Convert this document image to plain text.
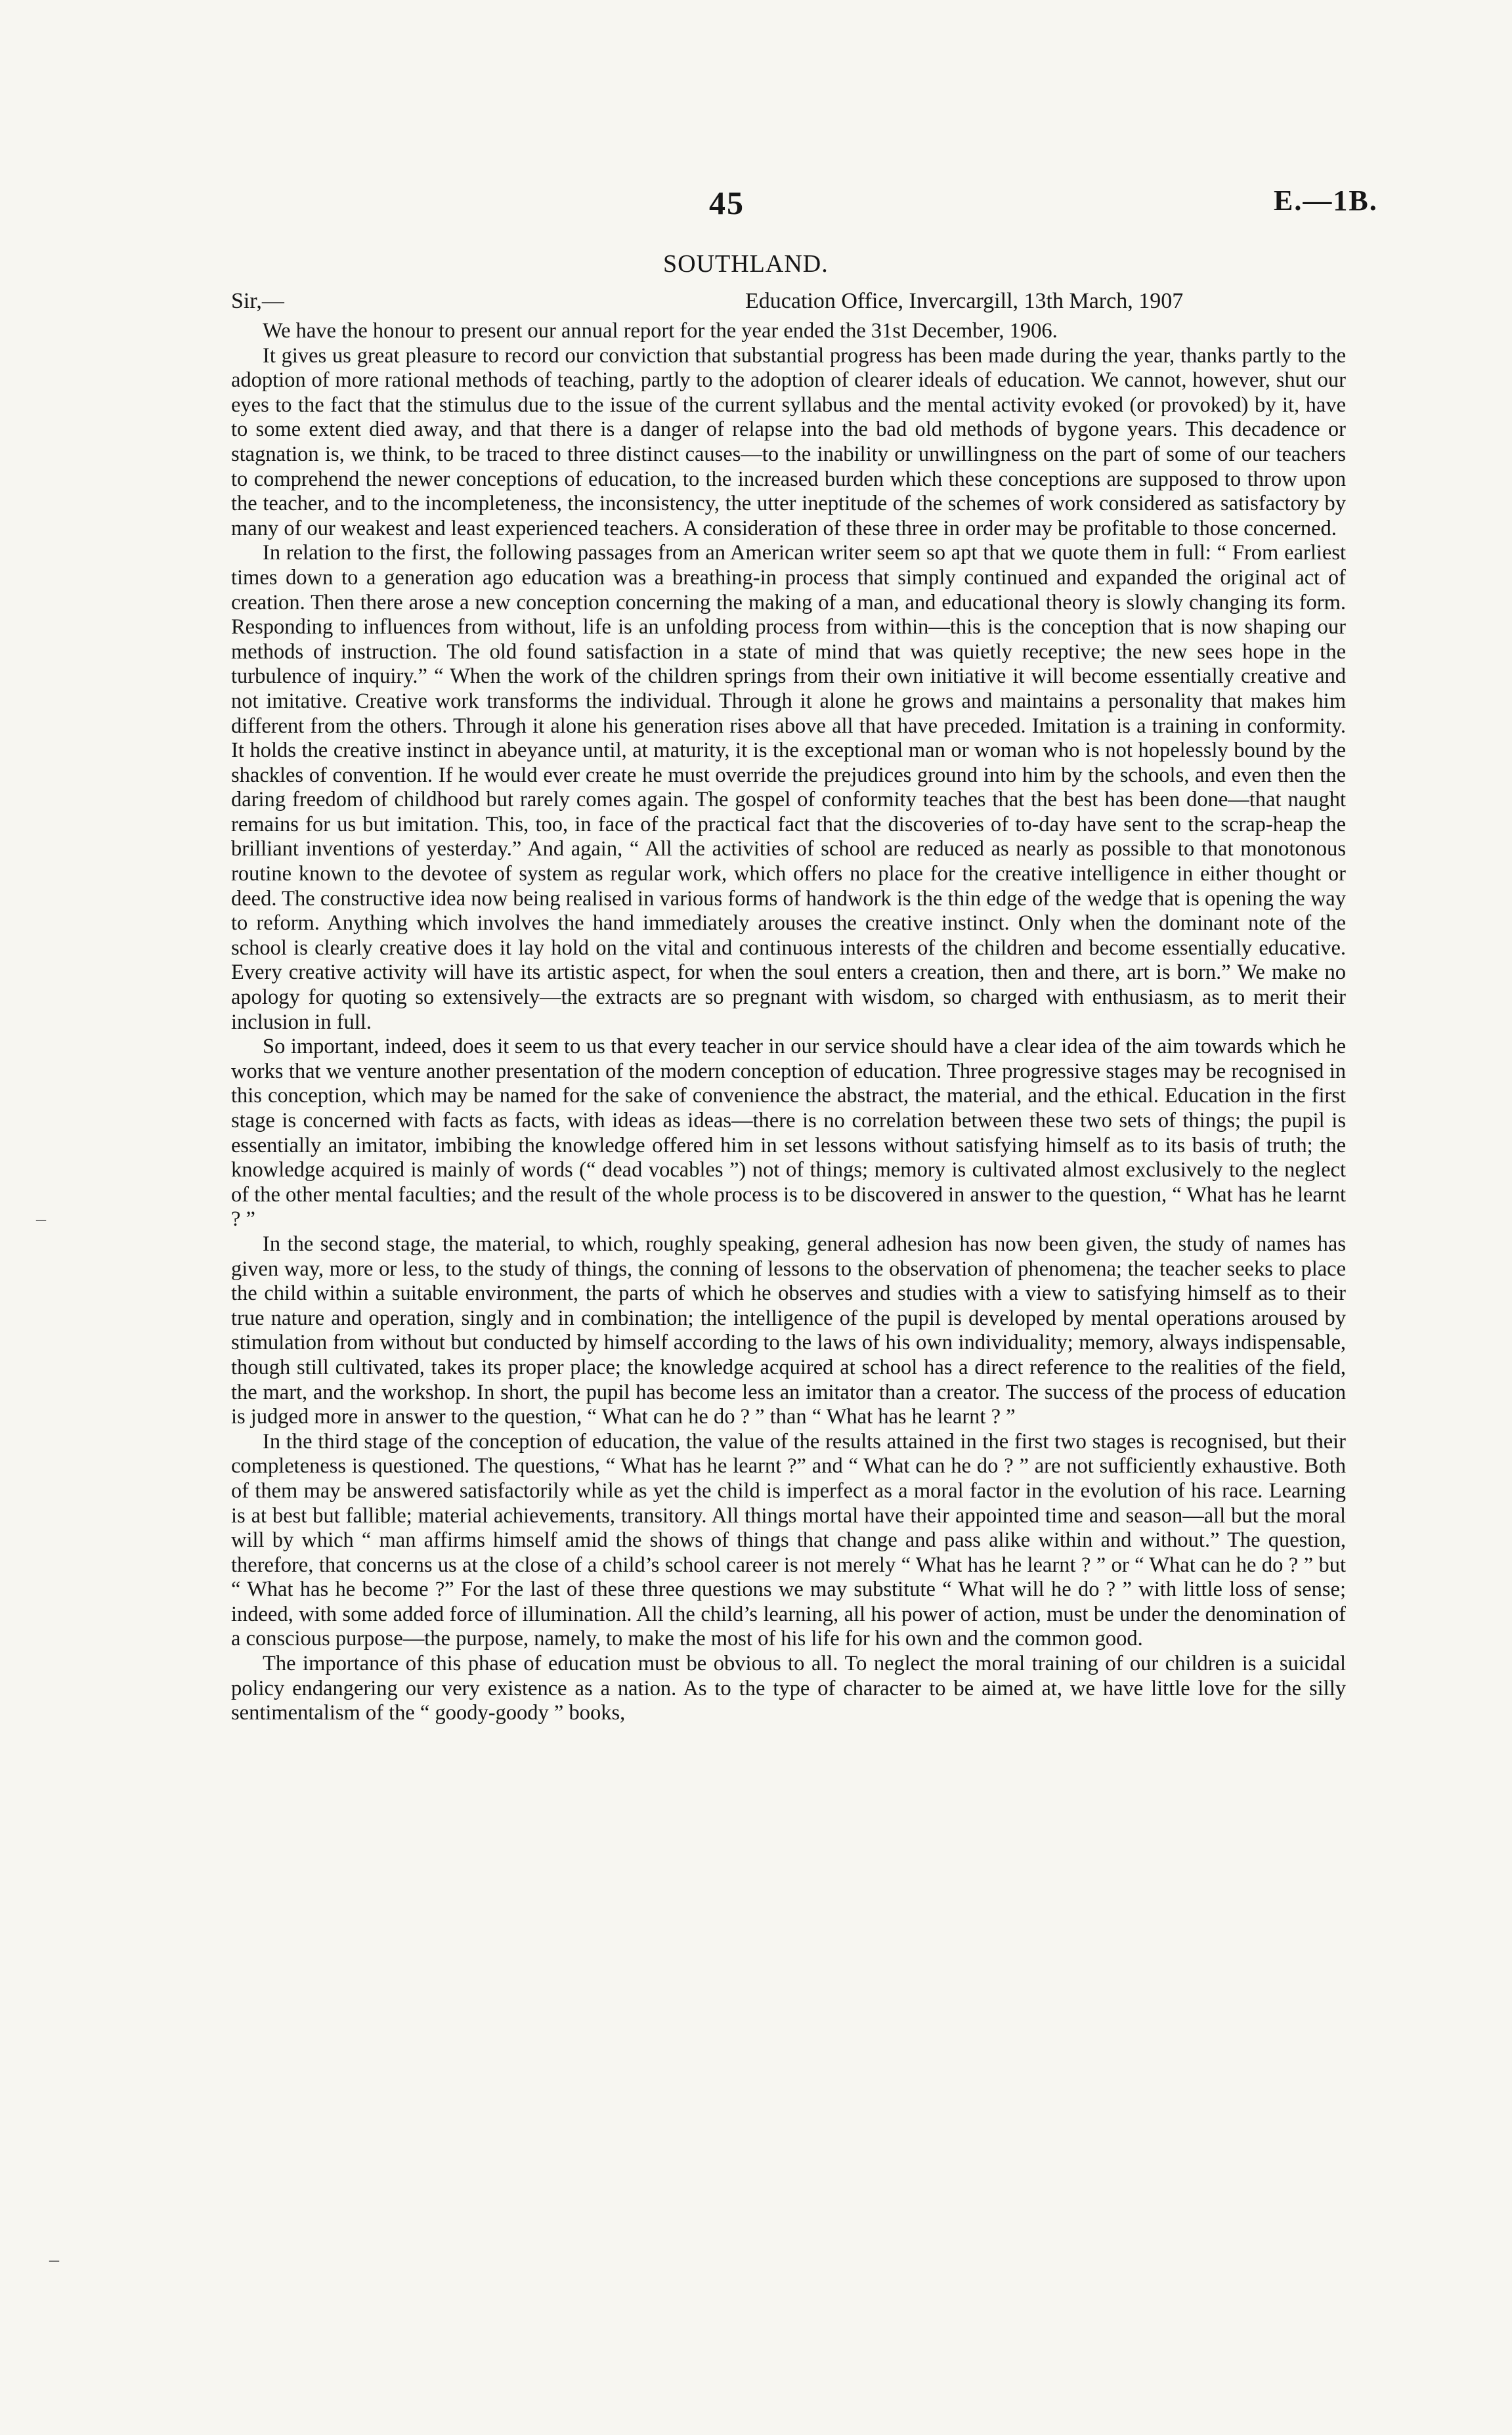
45	E.—1B.
SOUTHLAND.
Sir,—	Education Office, Invercargill, 13th March, 1907

We have the honour to present our annual report for the year ended the 31st December, 1906.

It gives us great pleasure to record our conviction that substantial progress has been made during the year, thanks partly to the adoption of more rational methods of teaching, partly to the adoption of clearer ideals of education. We cannot, however, shut our eyes to the fact that the stimulus due to the issue of the current syllabus and the mental activity evoked (or provoked) by it, have to some extent died away, and that there is a danger of relapse into the bad old methods of bygone years. This decadence or stagnation is, we think, to be traced to three distinct causes—to the inability or unwillingness on the part of some of our teachers to comprehend the newer conceptions of education, to the increased burden which these conceptions are supposed to throw upon the teacher, and to the incompleteness, the inconsistency, the utter ineptitude of the schemes of work considered as satisfactory by many of our weakest and least experienced teachers. A consideration of these three in order may be profitable to those concerned.

In relation to the first, the following passages from an American writer seem so apt that we quote them in full: “ From earliest times down to a generation ago education was a breathing-in process that simply continued and expanded the original act of creation. Then there arose a new conception concerning the making of a man, and educational theory is slowly changing its form. Responding to influences from without, life is an unfolding process from within—this is the conception that is now shaping our methods of instruction. The old found satisfaction in a state of mind that was quietly receptive; the new sees hope in the turbulence of inquiry.” “ When the work of the children springs from their own initiative it will become essentially creative and not imitative. Creative work transforms the individual. Through it alone he grows and maintains a personality that makes him different from the others. Through it alone his generation rises above all that have preceded. Imitation is a training in conformity. It holds the creative instinct in abeyance until, at maturity, it is the exceptional man or woman who is not hopelessly bound by the shackles of convention. If he would ever create he must override the prejudices ground into him by the schools, and even then the daring freedom of childhood but rarely comes again. The gospel of conformity teaches that the best has been done—that naught remains for us but imitation. This, too, in face of the practical fact that the discoveries of to-day have sent to the scrap-heap the brilliant inventions of yesterday.” And again, “ All the activities of school are reduced as nearly as possible to that monotonous routine known to the devotee of system as regular work, which offers no place for the creative intelligence in either thought or deed. The constructive idea now being realised in various forms of handwork is the thin edge of the wedge that is opening the way to reform. Anything which involves the hand immediately arouses the creative instinct. Only when the dominant note of the school is clearly creative does it lay hold on the vital and continuous interests of the children and become essentially educative. Every creative activity will have its artistic aspect, for when the soul enters a creation, then and there, art is born.” We make no apology for quoting so extensively—the extracts are so pregnant with wisdom, so charged with enthusiasm, as to merit their inclusion in full.

So important, indeed, does it seem to us that every teacher in our service should have a clear idea of the aim towards which he works that we venture another presentation of the modern conception of education. Three progressive stages may be recognised in this conception, which may be named for the sake of convenience the abstract, the material, and the ethical. Education in the first stage is concerned with facts as facts, with ideas as ideas—there is no correlation between these two sets of things; the pupil is essentially an imitator, imbibing the knowledge offered him in set lessons without satisfying himself as to its basis of truth; the knowledge acquired is mainly of words (“ dead vocables ”) not of things; memory is cultivated almost exclusively to the neglect of the other mental faculties; and the result of the whole process is to be discovered in answer to the question, “ What has he learnt ? ”

In the second stage, the material, to which, roughly speaking, general adhesion has now been given, the study of names has given way, more or less, to the study of things, the conning of lessons to the observation of phenomena; the teacher seeks to place the child within a suitable environment, the parts of which he observes and studies with a view to satisfying himself as to their true nature and operation, singly and in combination; the intelligence of the pupil is developed by mental operations aroused by stimulation from without but conducted by himself according to the laws of his own individuality; memory, always indispensable, though still cultivated, takes its proper place; the knowledge acquired at school has a direct reference to the realities of the field, the mart, and the workshop. In short, the pupil has become less an imitator than a creator. The success of the process of education is judged more in answer to the question, “ What can he do ? ” than “ What has he learnt ? ”

In the third stage of the conception of education, the value of the results attained in the first two stages is recognised, but their completeness is questioned. The questions, “ What has he learnt ?” and “ What can he do ? ” are not sufficiently exhaustive. Both of them may be answered satisfactorily while as yet the child is imperfect as a moral factor in the evolution of his race. Learning is at best but fallible; material achievements, transitory. All things mortal have their appointed time and season—all but the moral will by which “ man affirms himself amid the shows of things that change and pass alike within and without.” The question, therefore, that concerns us at the close of a child’s school career is not merely “ What has he learnt ? ” or “ What can he do ? ” but “ What has he become ?” For the last of these three questions we may substitute “ What will he do ? ” with little loss of sense; indeed, with some added force of illumination. All the child’s learning, all his power of action, must be under the denomination of a conscious purpose—the purpose, namely, to make the most of his life for his own and the common good.

The importance of this phase of education must be obvious to all. To neglect the moral training of our children is a suicidal policy endangering our very existence as a nation. As to the type of character to be aimed at, we have little love for the silly sentimentalism of the “ goody-goody ” books,

–
–
